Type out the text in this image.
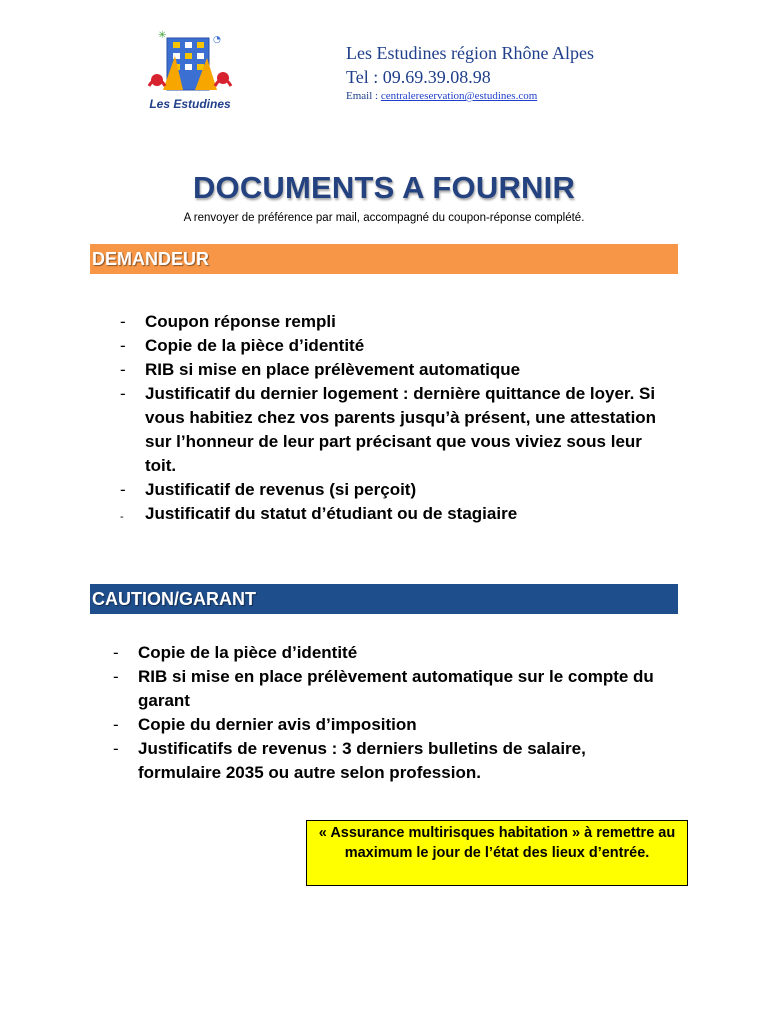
✳	◔
Les Estudines
Les Estudines région Rhône Alpes
Tel : 09.69.39.08.98
Email : centralereservation@estudines.com
DOCUMENTS A FOURNIR
A renvoyer de préférence par mail, accompagné du coupon-réponse complété.
DEMANDEUR
- Coupon réponse rempli
- Copie de la pièce d’identité
- RIB si mise en place prélèvement automatique
- Justificatif du dernier logement : dernière quittance de loyer. Si vous habitiez chez vos parents jusqu’à présent, une attestation sur l’honneur de leur part précisant que vous viviez sous leur toit.
- Justificatif de revenus (si perçoit)
- Justificatif du statut d’étudiant ou de stagiaire
CAUTION/GARANT
- Copie de la pièce d’identité
- RIB si mise en place prélèvement automatique sur le compte du garant
- Copie du dernier avis d’imposition
- Justificatifs de revenus : 3 derniers bulletins de salaire, formulaire 2035 ou autre selon profession.
« Assurance multirisques habitation » à remettre au maximum le jour de l’état des lieux d’entrée.
